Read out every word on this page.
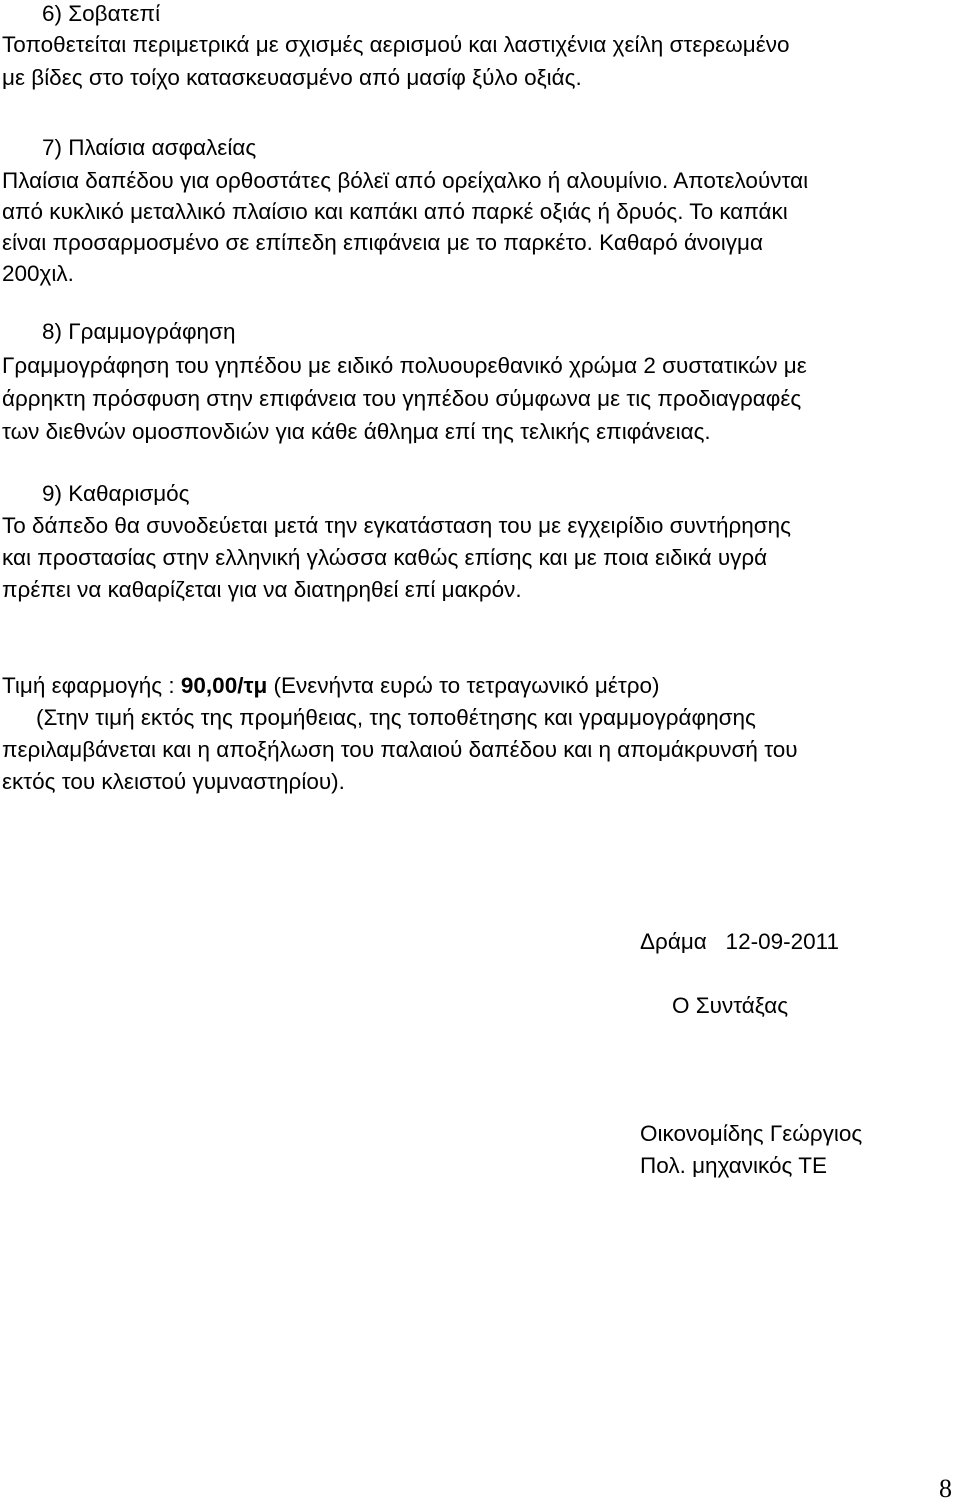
6) Σοβατεπί
Τοποθετείται περιμετρικά με σχισμές αερισμού και λαστιχένια χείλη στερεωμένο
με βίδες στο τοίχο κατασκευασμένο από μασίφ ξύλο οξιάς.
7) Πλαίσια ασφαλείας
Πλαίσια δαπέδου για ορθοστάτες βόλεϊ από ορείχαλκο ή αλουμίνιο. Αποτελούνται
από κυκλικό μεταλλικό πλαίσιο και καπάκι από παρκέ οξιάς ή δρυός. Το καπάκι
είναι προσαρμοσμένο σε επίπεδη επιφάνεια με το παρκέτο. Καθαρό άνοιγμα
200χιλ.
8) Γραμμογράφηση
Γραμμογράφηση του γηπέδου με ειδικό πολυουρεθανικό χρώμα 2 συστατικών με
άρρηκτη πρόσφυση στην επιφάνεια του γηπέδου σύμφωνα με τις προδιαγραφές
των διεθνών ομοσπονδιών για κάθε άθλημα επί της τελικής επιφάνειας.
9) Καθαρισμός
Το δάπεδο θα συνοδεύεται μετά την εγκατάσταση του με εγχειρίδιο συντήρησης
και προστασίας στην ελληνική γλώσσα καθώς επίσης και με ποια ειδικά υγρά
πρέπει να καθαρίζεται για να διατηρηθεί επί μακρόν.
Τιμή εφαρμογής : 90,00/τμ (Ενενήντα ευρώ το τετραγωνικό μέτρο)
(Στην τιμή εκτός της προμήθειας, της τοποθέτησης και γραμμογράφησης
περιλαμβάνεται και η αποξήλωση του παλαιού δαπέδου και η απομάκρυνσή του
εκτός του κλειστού γυμναστηρίου).
Δράμα   12-09-2011
Ο Συντάξας
Οικονομίδης Γεώργιος
Πολ. μηχανικός ΤΕ
8
